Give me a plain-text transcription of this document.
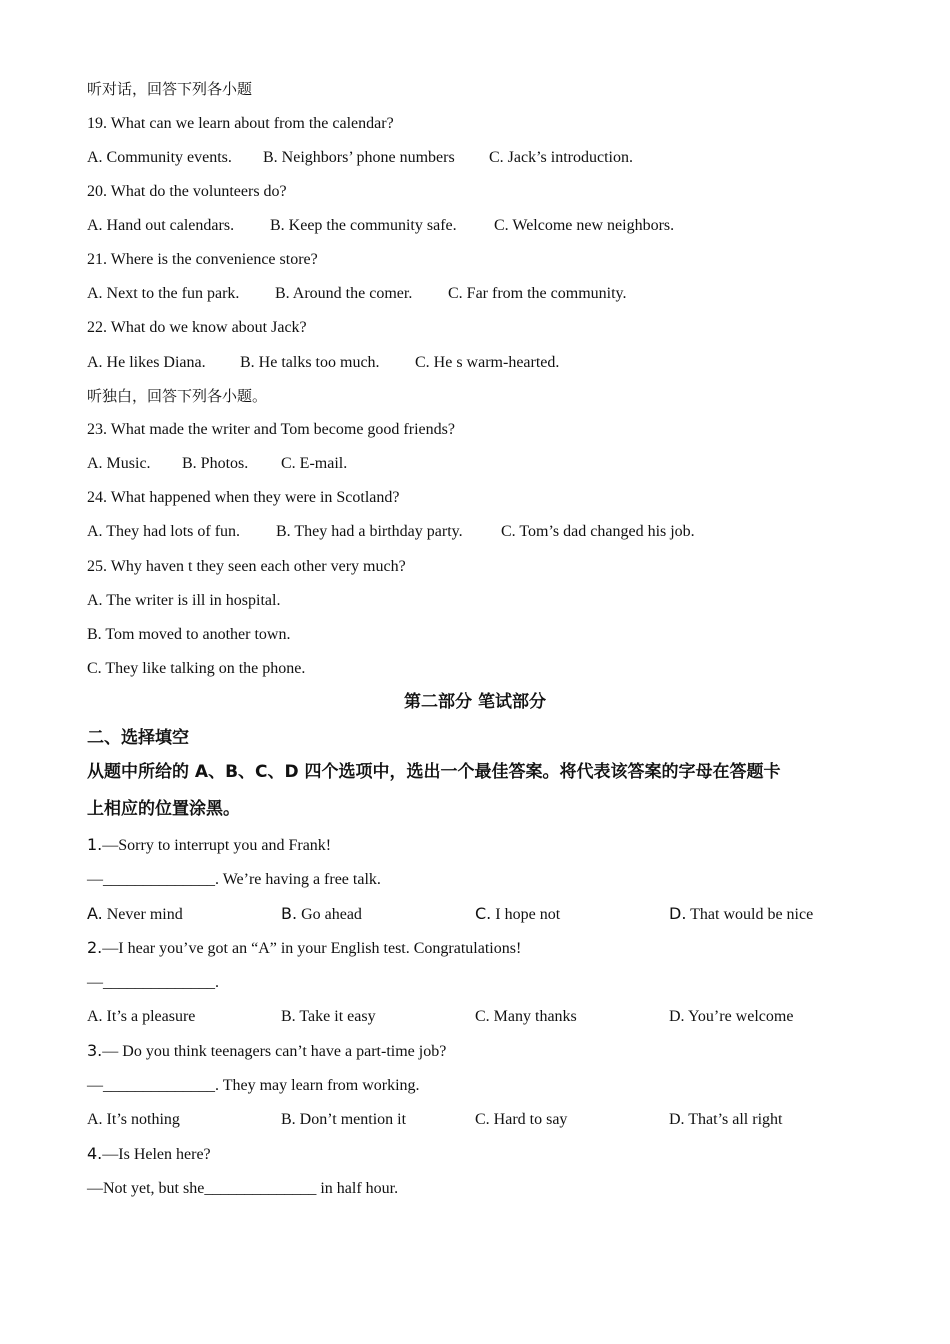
听对话，回答下列各小题
19. What can we learn about from the calendar?
A. Community events. B. Neighbors’ phone numbers C. Jack’s introduction.
20. What do the volunteers do?
A. Hand out calendars. B. Keep the community safe. C. Welcome new neighbors.
21. Where is the convenience store?
A. Next to the fun park. B. Around the comer. C. Far from the community.
22. What do we know about Jack?
A. He likes Diana. B. He talks too much. C. He s warm-hearted.
听独白，回答下列各小题。
23. What made the writer and Tom become good friends?
A. Music. B. Photos. C. E-mail.
24. What happened when they were in Scotland?
A. They had lots of fun. B. They had a birthday party. C. Tom’s dad changed his job.
25. Why haven t they seen each other very much?
A. The writer is ill in hospital.
B. Tom moved to another town.
C. They like talking on the phone.
第二部分 笔试部分
二、选择填空
从题中所给的 A、B、C、D 四个选项中，选出一个最佳答案。将代表该答案的字母在答题卡
上相应的位置涂黑。
1.—Sorry to interrupt you and Frank!
—______________. We’re having a free talk.
A. Never mind	B. Go ahead	C. I hope not	D. That would be nice
2.—I hear you’ve got an “A” in your English test. Congratulations!
—______________.
A. It’s a pleasure	B. Take it easy	C. Many thanks	D. You’re welcome
3.— Do you think teenagers can’t have a part-time job?
—______________. They may learn from working.
A. It’s nothing	B. Don’t mention it	C. Hard to say	D. That’s all right
4.—Is Helen here?
—Not yet, but she______________ in half hour.
